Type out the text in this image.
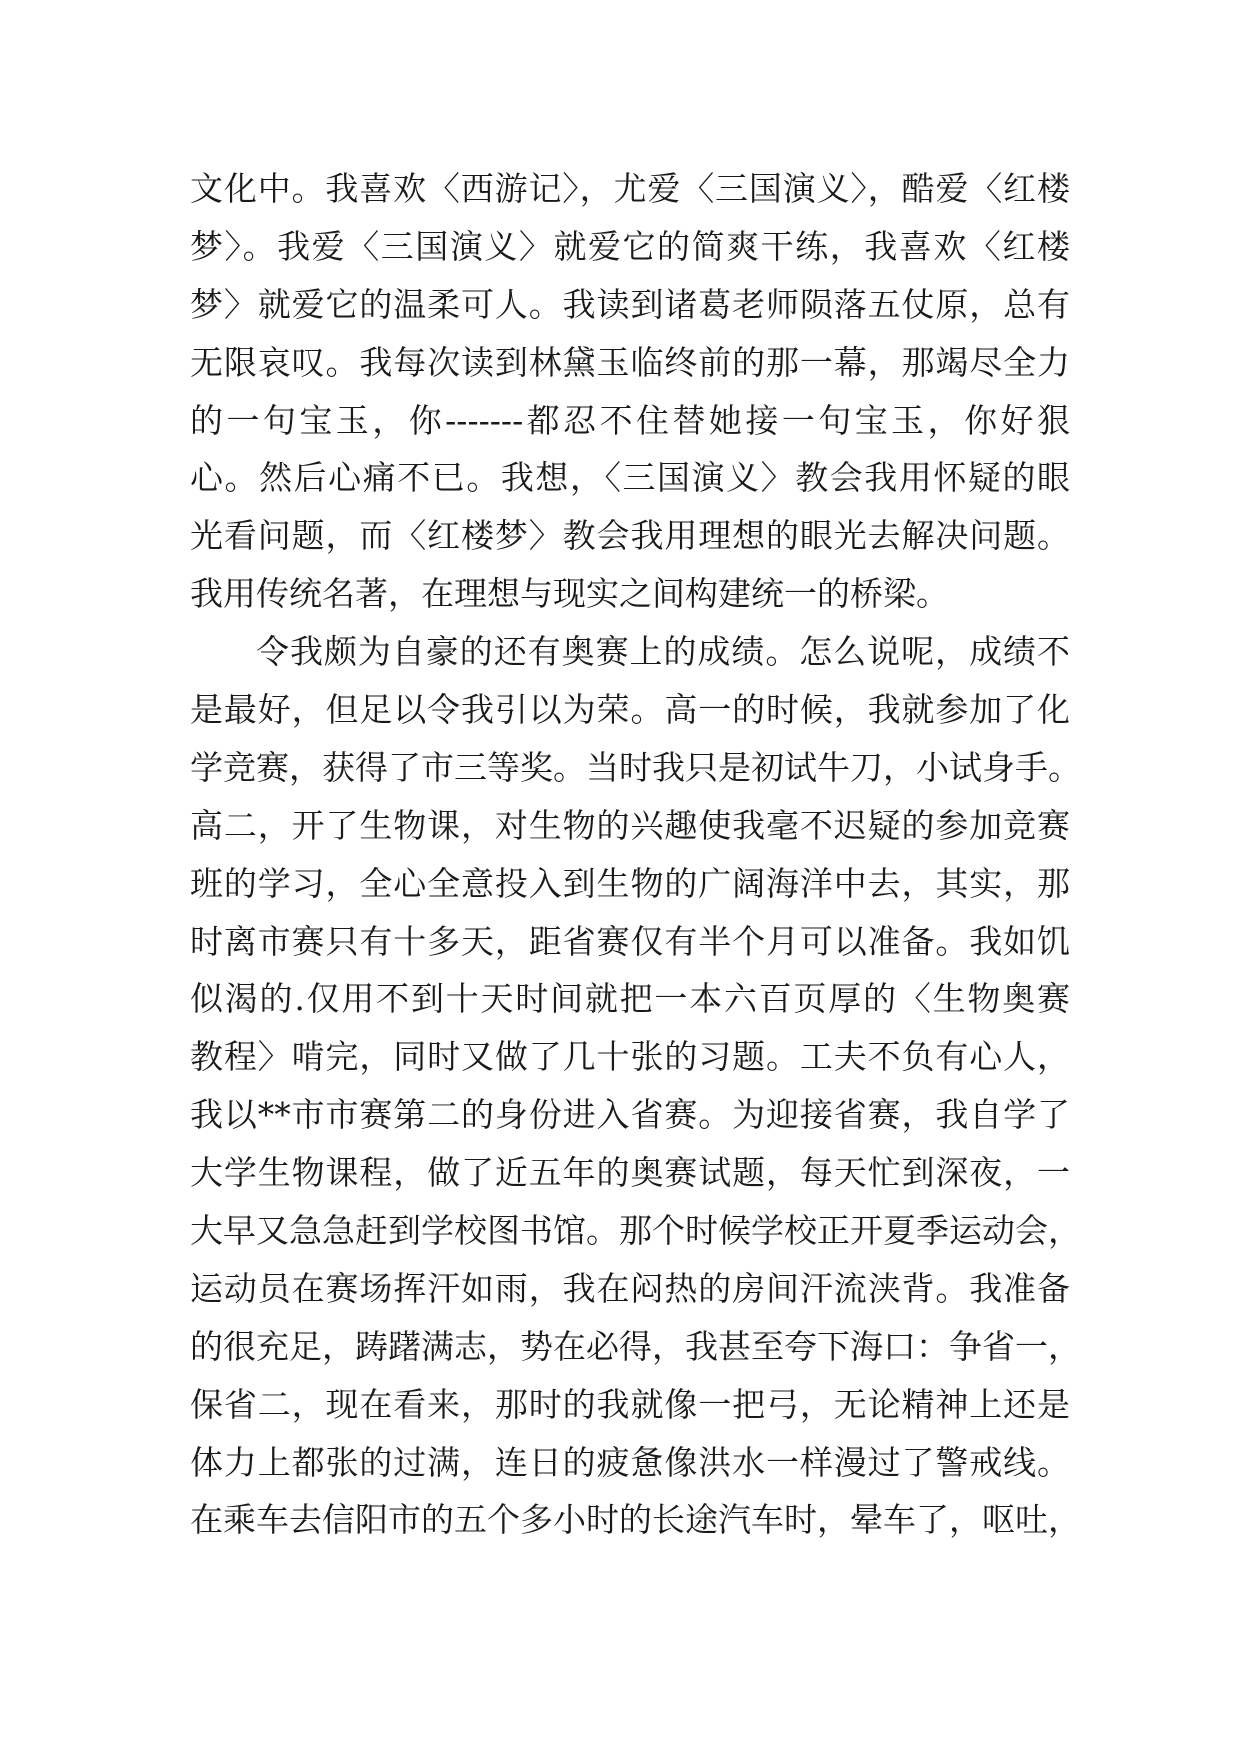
文化中。我喜欢〈西游记〉，尤爱〈三国演义〉，酷爱〈红楼
梦〉。我爱〈三国演义〉就爱它的简爽干练，我喜欢〈红楼
梦〉就爱它的温柔可人。我读到诸葛老师陨落五仗原，总有
无限哀叹。我每次读到林黛玉临终前的那一幕，那竭尽全力
的一句宝玉，你-------都忍不住替她接一句宝玉，你好狠
心。然后心痛不已。我想，〈三国演义〉教会我用怀疑的眼
光看问题，而〈红楼梦〉教会我用理想的眼光去解决问题。
我用传统名著，在理想与现实之间构建统一的桥梁。
令我颇为自豪的还有奥赛上的成绩。怎么说呢，成绩不
是最好，但足以令我引以为荣。高一的时候，我就参加了化
学竞赛，获得了市三等奖。当时我只是初试牛刀，小试身手。
高二，开了生物课，对生物的兴趣使我毫不迟疑的参加竞赛
班的学习，全心全意投入到生物的广阔海洋中去，其实，那
时离市赛只有十多天，距省赛仅有半个月可以准备。我如饥
似渴的.仅用不到十天时间就把一本六百页厚的〈生物奥赛
教程〉啃完，同时又做了几十张的习题。工夫不负有心人，
我以**市市赛第二的身份进入省赛。为迎接省赛，我自学了
大学生物课程，做了近五年的奥赛试题，每天忙到深夜，一
大早又急急赶到学校图书馆。那个时候学校正开夏季运动会，
运动员在赛场挥汗如雨，我在闷热的房间汗流浃背。我准备
的很充足，踌躇满志，势在必得，我甚至夸下海口：争省一，
保省二，现在看来，那时的我就像一把弓，无论精神上还是
体力上都张的过满，连日的疲惫像洪水一样漫过了警戒线。
在乘车去信阳市的五个多小时的长途汽车时，晕车了，呕吐，
